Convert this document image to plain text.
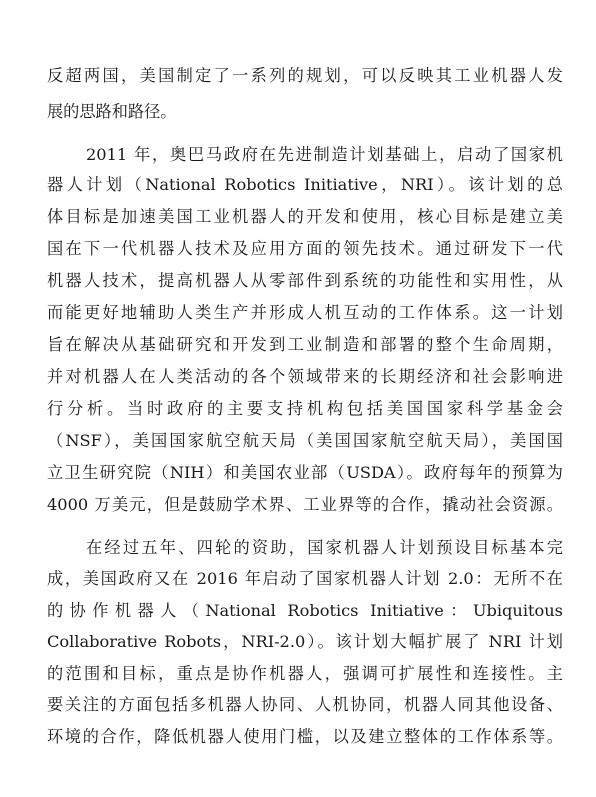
反超两国，美国制定了一系列的规划，可以反映其工业机器人发
展的思路和路径。
2011 年，奥巴马政府在先进制造计划基础上，启动了国家机
器人计划（National Robotics Initiative，NRI）。该计划的总
体目标是加速美国工业机器人的开发和使用，核心目标是建立美
国在下一代机器人技术及应用方面的领先技术。通过研发下一代
机器人技术，提高机器人从零部件到系统的功能性和实用性，从
而能更好地辅助人类生产并形成人机互动的工作体系。这一计划
旨在解决从基础研究和开发到工业制造和部署的整个生命周期，
并对机器人在人类活动的各个领域带来的长期经济和社会影响进
行分析。当时政府的主要支持机构包括美国国家科学基金会
（NSF），美国国家航空航天局（美国国家航空航天局），美国国
立卫生研究院（NIH）和美国农业部（USDA）。政府每年的预算为
4000 万美元，但是鼓励学术界、工业界等的合作，撬动社会资源。
在经过五年、四轮的资助，国家机器人计划预设目标基本完
成，美国政府又在 2016 年启动了国家机器人计划 2.0：无所不在
的协作机器人（National Robotics Initiative：Ubiquitous
Collaborative Robots，NRI-2.0）。该计划大幅扩展了 NRI 计划
的范围和目标，重点是协作机器人，强调可扩展性和连接性。主
要关注的方面包括多机器人协同、人机协同，机器人同其他设备、
环境的合作，降低机器人使用门槛，以及建立整体的工作体系等。
